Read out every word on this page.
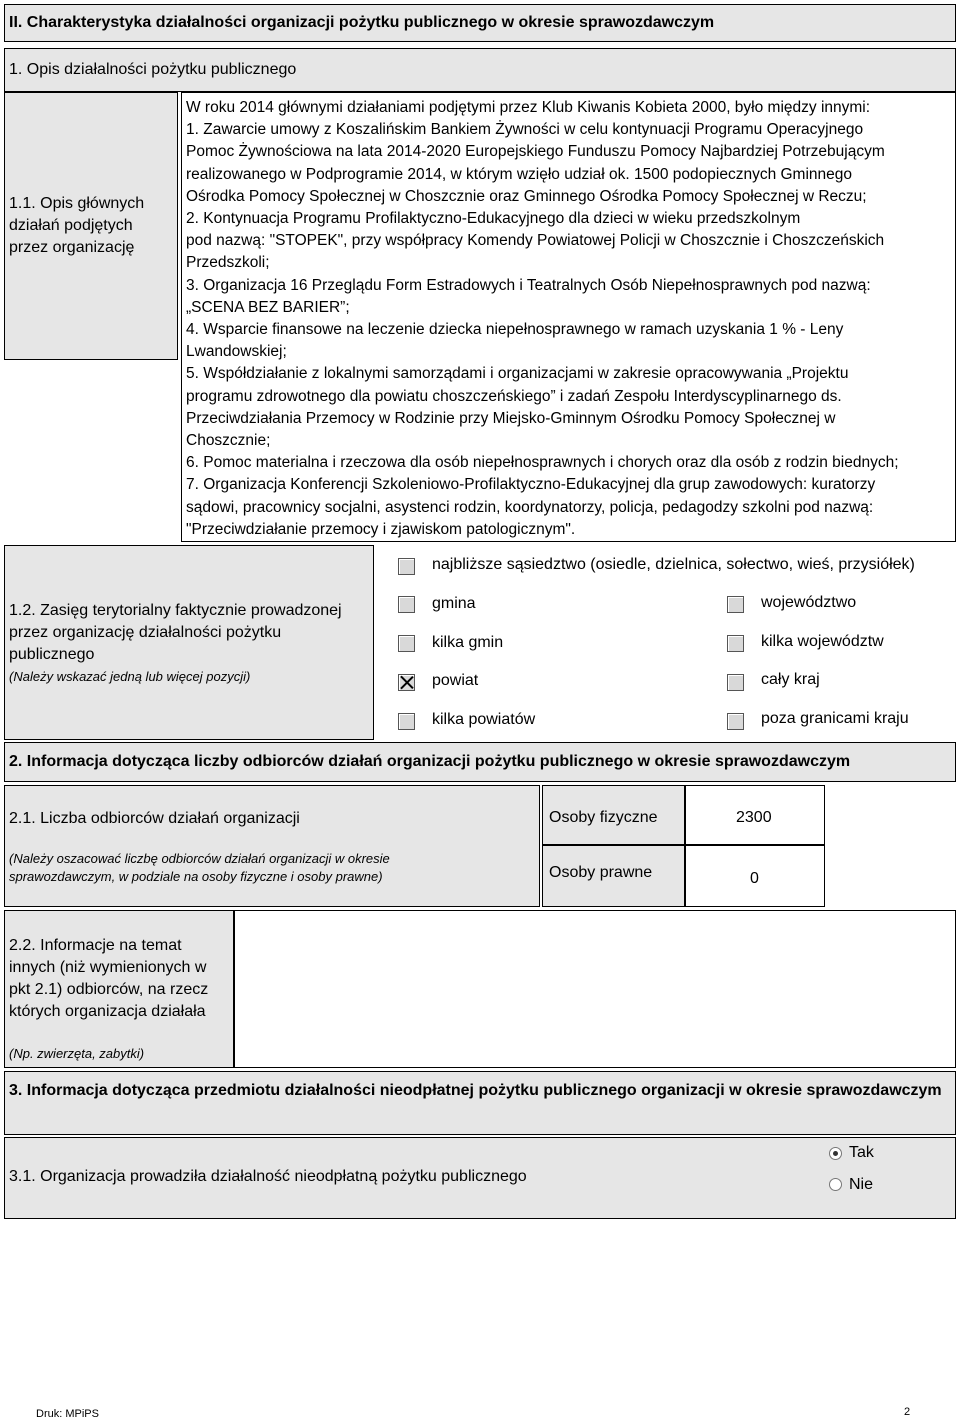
II. Charakterystyka działalności organizacji pożytku publicznego w okresie sprawozdawczym
1. Opis działalności pożytku publicznego
1.1. Opis głównych działań podjętych przez organizację
W roku 2014 głównymi działaniami podjętymi przez Klub Kiwanis Kobieta 2000, było między innymi:
1. Zawarcie umowy z Koszalińskim Bankiem Żywności w celu kontynuacji Programu Operacyjnego
Pomoc Żywnościowa na lata 2014-2020 Europejskiego Funduszu Pomocy Najbardziej Potrzebującym
realizowanego w Podprogramie 2014, w którym wzięło udział ok. 1500 podopiecznych Gminnego
Ośrodka Pomocy Społecznej w Choszcznie oraz Gminnego Ośrodka Pomocy Społecznej w Reczu;
2. Kontynuacja Programu Profilaktyczno-Edukacyjnego dla dzieci w wieku przedszkolnym
pod nazwą: "STOPEK", przy współpracy Komendy Powiatowej Policji w Choszcznie i Choszczeńskich
Przedszkoli;
3. Organizacja 16 Przeglądu Form Estradowych i Teatralnych Osób Niepełnosprawnych pod nazwą:
„SCENA BEZ BARIER”;
4. Wsparcie finansowe na leczenie dziecka niepełnosprawnego w ramach uzyskania 1 % - Leny
Lwandowskiej;
5. Współdziałanie z lokalnymi samorządami i organizacjami w zakresie opracowywania „Projektu
programu zdrowotnego dla powiatu choszczeńskiego” i zadań Zespołu Interdyscyplinarnego ds.
Przeciwdziałania Przemocy w Rodzinie przy Miejsko-Gminnym Ośrodku Pomocy Społecznej w
Choszcznie;
6. Pomoc materialna i rzeczowa dla osób niepełnosprawnych i chorych oraz dla osób z rodzin biednych;
7. Organizacja Konferencji Szkoleniowo-Profilaktyczno-Edukacyjnej dla grup zawodowych: kuratorzy
sądowi, pracownicy socjalni, asystenci rodzin, koordynatorzy, policja, pedagodzy szkolni pod nazwą:
"Przeciwdziałanie przemocy i zjawiskom patologicznym".
1.2. Zasięg terytorialny faktycznie prowadzonej przez organizację działalności pożytku publicznego
(Należy wskazać jedną lub więcej pozycji)
najbliższe sąsiedztwo (osiedle, dzielnica, sołectwo, wieś, przysiółek)
gmina
kilka gmin
powiat
kilka powiatów
województwo
kilka województw
cały kraj
poza granicami kraju
2. Informacja dotycząca liczby odbiorców działań organizacji pożytku publicznego w okresie sprawozdawczym
2.1. Liczba odbiorców działań organizacji
(Należy oszacować liczbę odbiorców działań organizacji w okresie sprawozdawczym, w podziale na osoby fizyczne i osoby prawne)
Osoby fizyczne	2300
Osoby prawne	0
2.2. Informacje na temat innych (niż wymienionych w pkt 2.1) odbiorców, na rzecz których organizacja działała
(Np. zwierzęta, zabytki)
3. Informacja dotycząca przedmiotu działalności nieodpłatnej pożytku publicznego organizacji w okresie sprawozdawczym
3.1. Organizacja prowadziła działalność nieodpłatną pożytku publicznego
Tak
Nie
Druk: MPiPS	2
